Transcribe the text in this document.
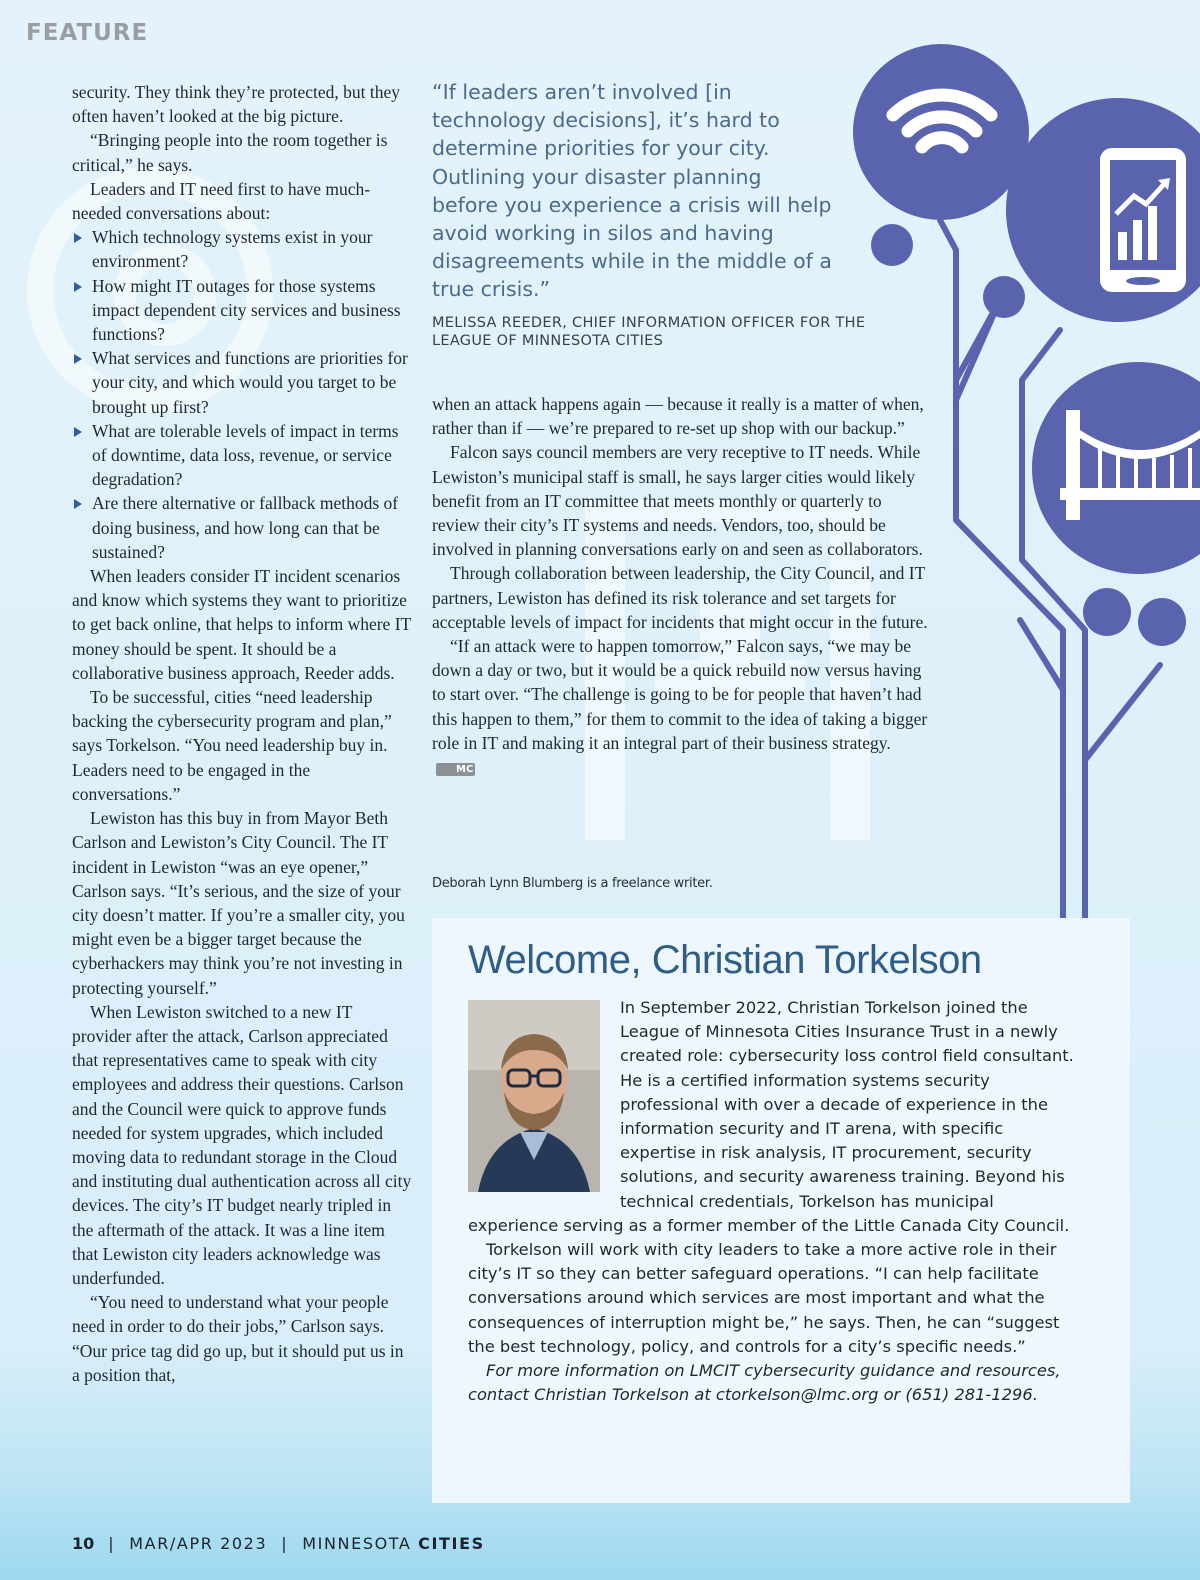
FEATURE

security. They think they’re protected, but they often haven’t looked at the big picture.

“Bringing people into the room together is critical,” he says.

Leaders and IT need first to have much-needed conversations about:

Which technology systems exist in your environment?
How might IT outages for those systems impact dependent city services and business functions?
What services and functions are priorities for your city, and which would you target to be brought up first?
What are tolerable levels of impact in terms of downtime, data loss, revenue, or service degradation?
Are there alternative or fallback methods of doing business, and how long can that be sustained?

When leaders consider IT incident scenarios and know which systems they want to prioritize to get back online, that helps to inform where IT money should be spent. It should be a collaborative business approach, Reeder adds.

To be successful, cities “need leadership backing the cybersecurity program and plan,” says Torkelson. “You need leadership buy in. Leaders need to be engaged in the conversations.”

Lewiston has this buy in from Mayor Beth Carlson and Lewiston’s City Council. The IT incident in Lewiston “was an eye opener,” Carlson says. “It’s serious, and the size of your city doesn’t matter. If you’re a smaller city, you might even be a bigger target because the cyberhackers may think you’re not investing in protecting yourself.”

When Lewiston switched to a new IT provider after the attack, Carlson appreciated that representatives came to speak with city employees and address their questions. Carlson and the Council were quick to approve funds needed for system upgrades, which included moving data to redundant storage in the Cloud and instituting dual authentication across all city devices. The city’s IT budget nearly tripled in the aftermath of the attack. It was a line item that Lewiston city leaders acknowledge was underfunded.

“You need to understand what your people need in order to do their jobs,” Carlson says. “Our price tag did go up, but it should put us in a position that,

“If leaders aren’t involved [in technology decisions], it’s hard to determine priorities for your city. Outlining your disaster planning before you experience a crisis will help avoid working in silos and having disagreements while in the middle of a true crisis.”

MELISSA REEDER, CHIEF INFORMATION OFFICER FOR THE LEAGUE OF MINNESOTA CITIES

when an attack happens again — because it really is a matter of when, rather than if — we’re prepared to re-set up shop with our backup.”

Falcon says council members are very receptive to IT needs. While Lewiston’s municipal staff is small, he says larger cities would likely benefit from an IT committee that meets monthly or quarterly to review their city’s IT systems and needs. Vendors, too, should be involved in planning conversations early on and seen as collaborators.

Through collaboration between leadership, the City Council, and IT partners, Lewiston has defined its risk tolerance and set targets for acceptable levels of impact for incidents that might occur in the future.

“If an attack were to happen tomorrow,” Falcon says, “we may be down a day or two, but it would be a quick rebuild now versus having to start over. “The challenge is going to be for people that haven’t had this happen to them,” for them to commit to the idea of taking a bigger role in IT and making it an integral part of their business strategy.MC

Deborah Lynn Blumberg is a freelance writer.
Welcome, Christian Torkelson

In September 2022, Christian Torkelson joined the League of Minnesota Cities Insurance Trust in a newly created role: cybersecurity loss control field consultant. He is a certified information systems security professional with over a decade of experience in the information security and IT arena, with specific expertise in risk analysis, IT procurement, security solutions, and security awareness training. Beyond his technical credentials, Torkelson has municipal experience serving as a former member of the Little Canada City Council.

Torkelson will work with city leaders to take a more active role in their city’s IT so they can better safeguard operations. “I can help facilitate conversations around which services are most important and what the consequences of interruption might be,” he says. Then, he can “suggest the best technology, policy, and controls for a city’s specific needs.”

For more information on LMCIT cybersecurity guidance and resources, contact Christian Torkelson at ctorkelson@lmc.org or (651) 281-1296.

10 | MAR/APR 2023 | MINNESOTA CITIES
